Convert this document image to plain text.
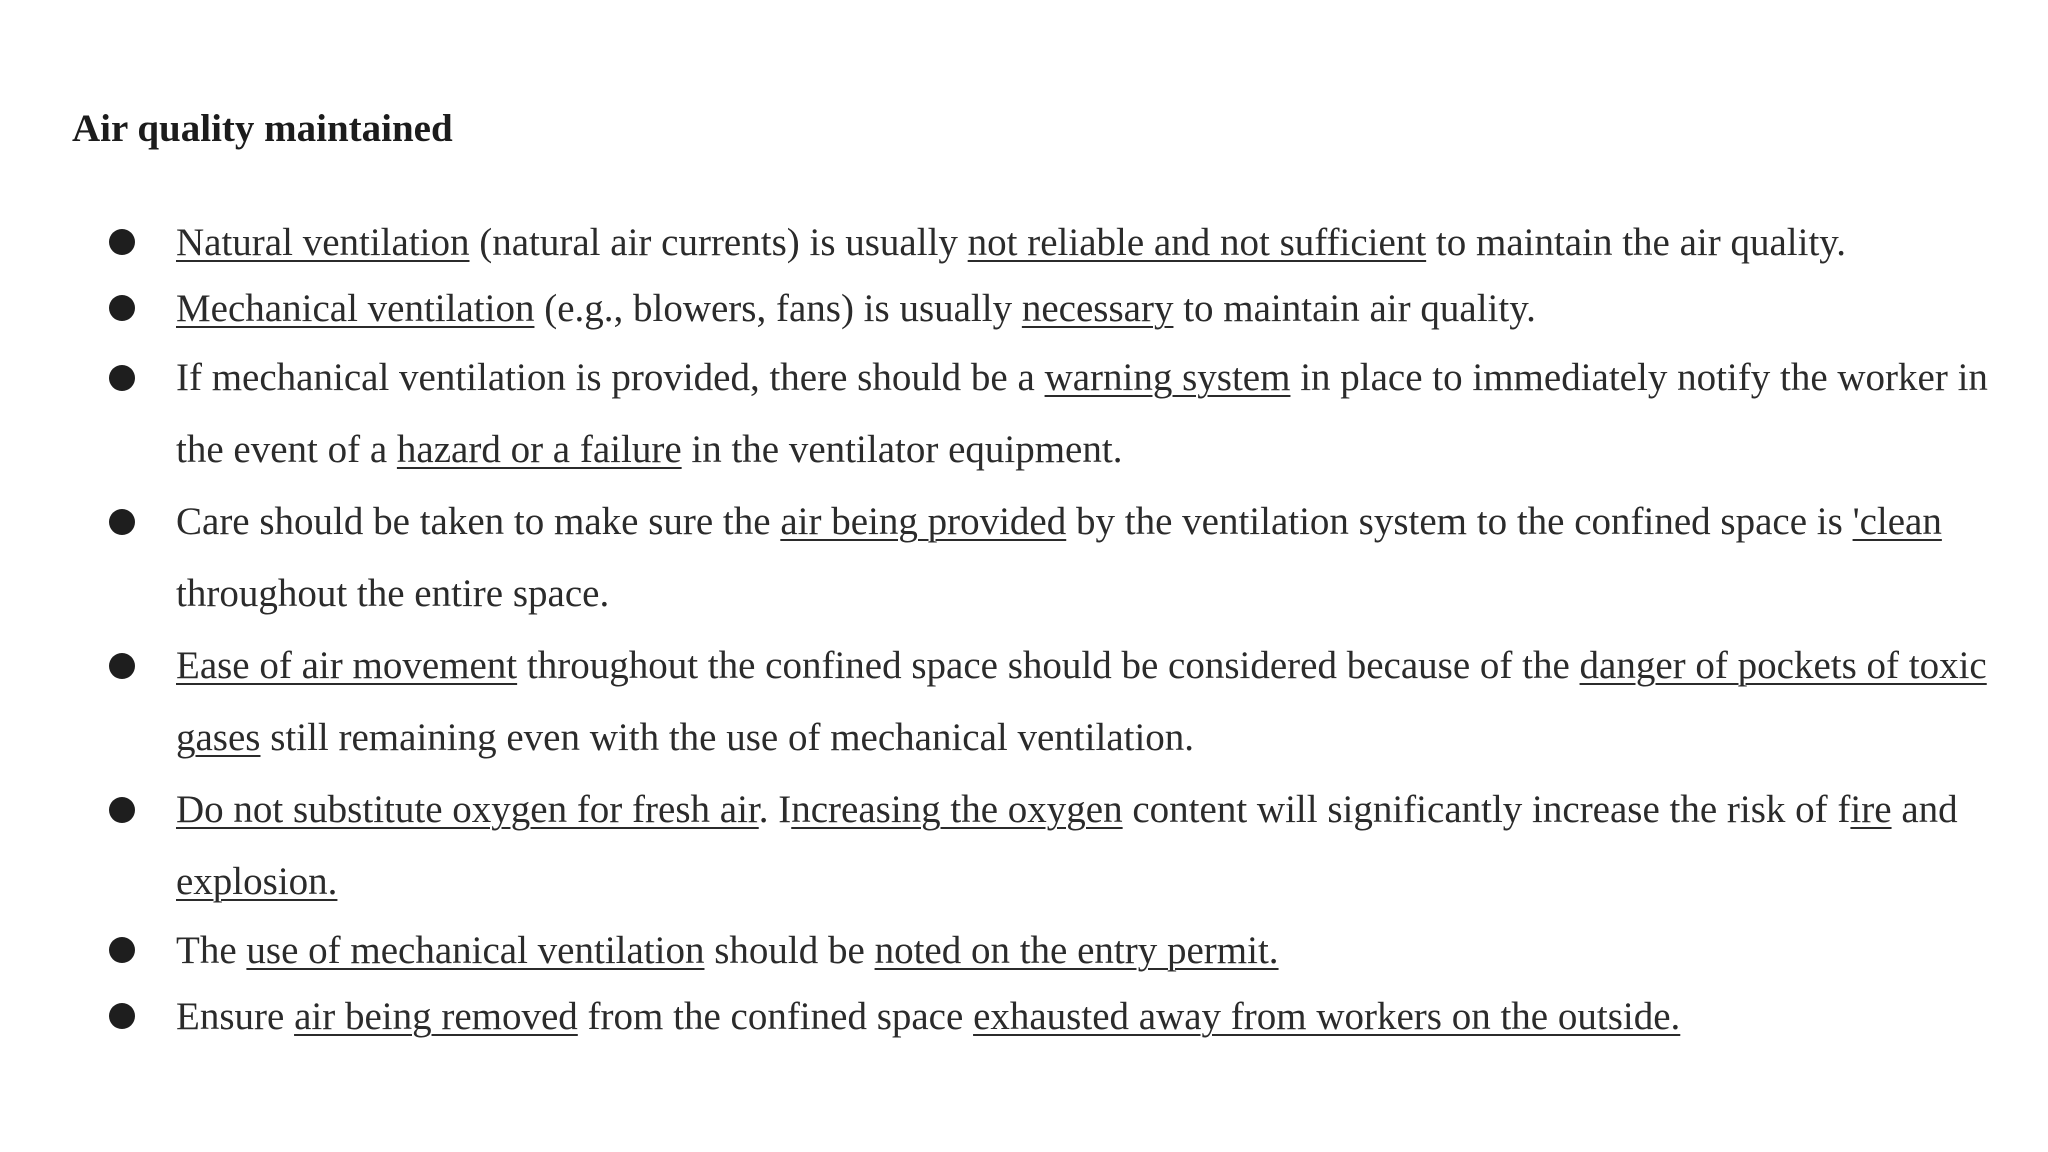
Air quality maintained
Natural ventilation (natural air currents) is usually not reliable and not sufficient to maintain the air quality.
Mechanical ventilation (e.g., blowers, fans) is usually necessary to maintain air quality.
If mechanical ventilation is provided, there should be a warning system in place to immediately notify the worker in the event of a hazard or a failure in the ventilator equipment.
Care should be taken to make sure the air being provided by the ventilation system to the confined space is 'clean throughout the entire space.
Ease of air movement throughout the confined space should be considered because of the danger of pockets of toxic gases still remaining even with the use of mechanical ventilation.
Do not substitute oxygen for fresh air. Increasing the oxygen content will significantly increase the risk of fire and explosion.
The use of mechanical ventilation should be noted on the entry permit.
Ensure air being removed from the confined space exhausted away from workers on the outside.
